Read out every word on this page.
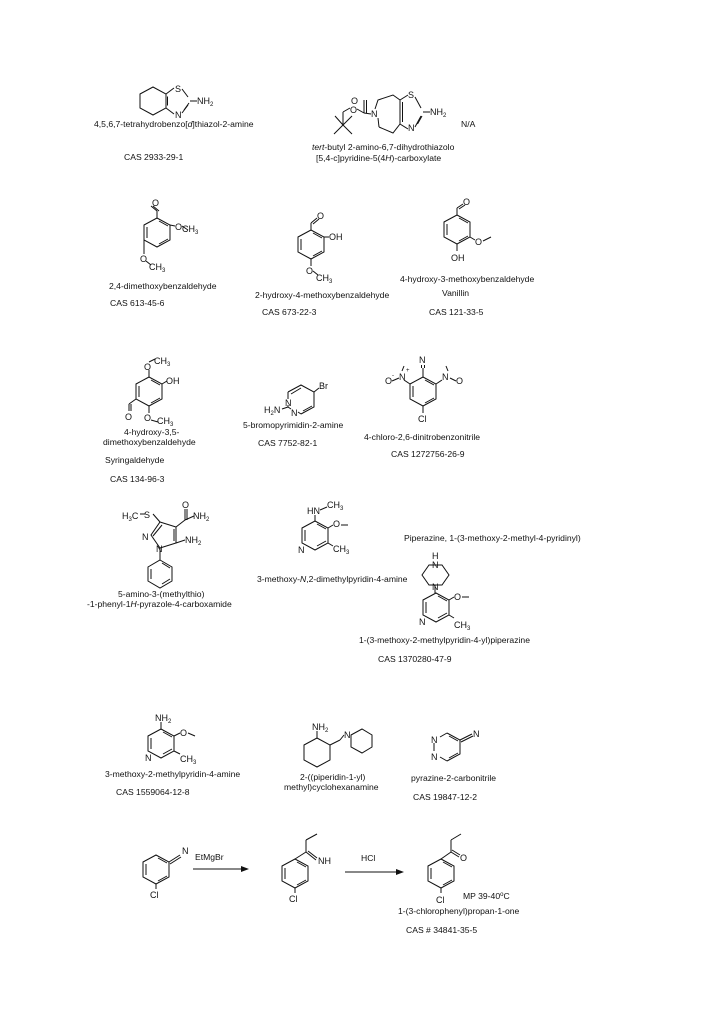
S
N
$NH_2$
4,5,6,7-tetrahydrobenzo[d]thiazol-2-amine
CAS 2933-29-1
O
O N
S
N
$NH_2$
N/A
tert-butyl 2-amino-6,7-dihydrothiazolo
[5,4-c]pyridine-5(4H)-carboxylate
O
O $CH_3$
O
$CH_3$
2,4-dimethoxybenzaldehyde
CAS 613-45-6
O
OH
O
$CH_3$
2-hydroxy-4-methoxybenzaldehyde
CAS 673-22-3
O
O
OH
4-hydroxy-3-methoxybenzaldehyde
Vanillin
CAS 121-33-5
O
$CH_3$
OH
O $CH_3$
O
4-hydroxy-3,5-
dimethoxybenzaldehyde
Syringaldehyde
CAS 134-96-3
Br
N
N
$H_2N$
5-bromopyrimidin-2-amine
CAS 7752-82-1
N
O N	N O
+
-
Cl
4-chloro-2,6-dinitrobenzonitrile
CAS 1272756-26-9
$H_3C$ S
O
$NH_2$
N
N
$NH_2$
5-amino-3-(methylthio)
-1-phenyl-1H-pyrazole-4-carboxamide
HN
$CH_3$
O
N	$CH_3$
3-methoxy-N,2-dimethylpyridin-4-amine
Piperazine, 1-(3-methoxy-2-methyl-4-pyridinyl)
H
N
N
O
N	$CH_3$
1-(3-methoxy-2-methylpyridin-4-yl)piperazine
CAS 1370280-47-9
$NH_2$
O
N	$CH_3$
3-methoxy-2-methylpyridin-4-amine
CAS 1559064-12-8
$NH_2$ N
2-((piperidin-1-yl)
methyl)cyclohexanamine
N
N
N
pyrazine-2-carbonitrile
CAS 19847-12-2
N
Cl
EtMgBr	NH
Cl
HCl	O
Cl MP 39-40$^o$C
1-(3-chlorophenyl)propan-1-one
CAS # 34841-35-5
